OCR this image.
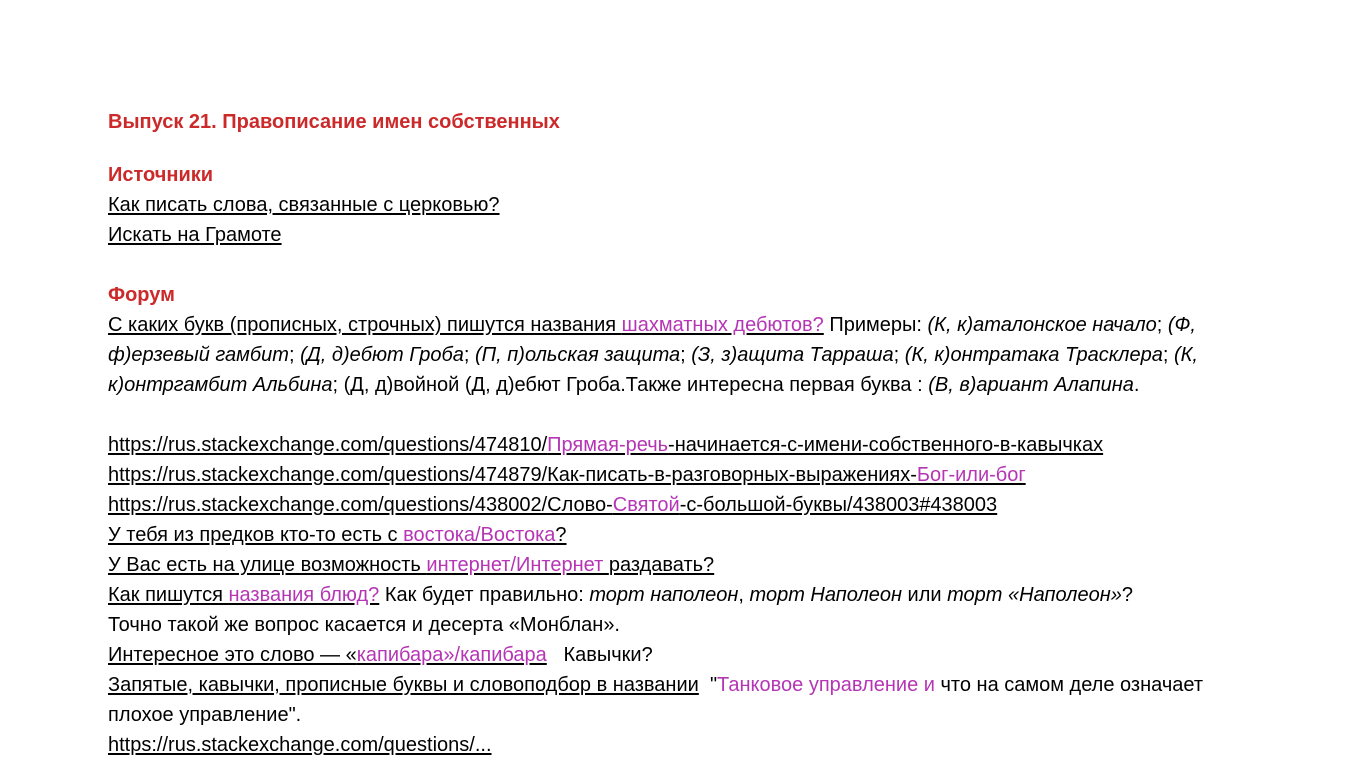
Выпуск 21. Правописание имен собственных
Источники
Как писать слова, связанные с церковью?
Искать на Грамоте
Форум
С каких букв (прописных, строчных) пишутся названия шахматных дебютов? Примеры: (К, к)аталонское начало; (Ф, ф)ерзевый гамбит; (Д, д)ебют Гроба; (П, п)ольская защита; (З, з)ащита Тарраша; (К, к)онтратака Трасклера; (К, к)онтргамбит Альбина; (Д, д)войной (Д, д)ебют Гроба.Также интересна первая буква : (В, в)ариант Алапина.
https://rus.stackexchange.com/questions/474810/Прямая-речь-начинается-с-имени-собственного-в-кавычках
https://rus.stackexchange.com/questions/474879/Как-писать-в-разговорных-выражениях-Бог-или-бог
https://rus.stackexchange.com/questions/438002/Слово-Святой-с-большой-буквы/438003#438003
У тебя из предков кто-то есть с востока/Востока?
У Вас есть на улице возможность интернет/Интернет раздавать?
Как пишутся названия блюд? Как будет правильно: торт наполеон, торт Наполеон или торт «Наполеон»?
Точно такой же вопрос касается и десерта «Монблан».
Интересное это слово — «капибара»/капибара   Кавычки?
Запятые, кавычки, прописные буквы и словоподбор в названии  "Танковое управление и что на самом деле означает плохое управление".
https://rus.stackexchange.com/questions/...
